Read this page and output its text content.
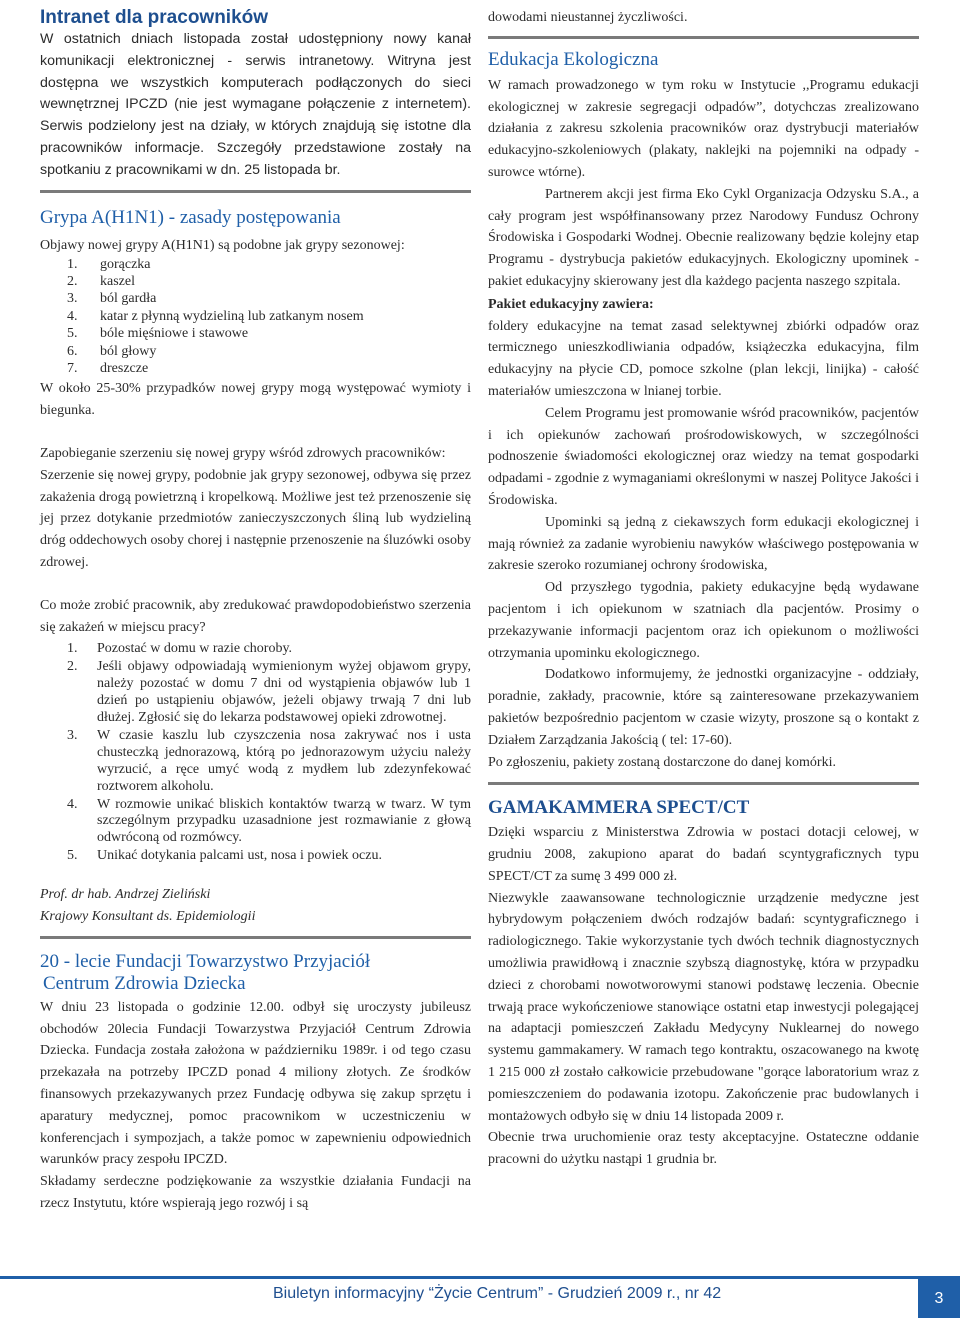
Intranet dla pracowników

W ostatnich dniach listopada został udostępniony nowy kanał komunikacji elektronicznej - serwis intranetowy. Witryna jest dostępna we wszystkich komputerach podłączonych do sieci wewnętrznej IPCZD (nie jest wymagane połączenie z internetem). Serwis podzielony jest na działy, w których znajdują się istotne dla pracowników informacje. Szczegóły przedstawione zostały na spotkaniu z pracownikami w dn. 25 listopada br.

Grypa A(H1N1) - zasady postępowania

Objawy nowej grypy A(H1N1) są podobne jak grypy sezonowej:

1.	gorączka
2.	kaszel
3.	ból gardła
4.	katar z płynną wydzieliną lub zatkanym nosem
5.	bóle mięśniowe i stawowe
6.	ból głowy
7.	dreszcze

W około 25-30% przypadków nowej grypy mogą występować wymioty i biegunka.

Zapobieganie szerzeniu się nowej grypy wśród zdrowych pracowników:

Szerzenie się nowej grypy, podobnie jak grypy sezonowej, odbywa się przez zakażenia drogą powietrzną i kropelkową. Możliwe jest też przenoszenie się jej przez dotykanie przedmiotów zanieczyszczonych śliną lub wydzieliną dróg oddechowych osoby chorej i następnie przenoszenie na śluzówki osoby zdrowej.

Co może zrobić pracownik, aby zredukować prawdopodobieństwo szerzenia się zakażeń w miejscu pracy?

1.	Pozostać w domu w razie choroby.
2.	Jeśli objawy odpowiadają wymienionym wyżej objawom grypy, należy pozostać w domu 7 dni od wystąpienia objawów lub 1 dzień po ustąpieniu objawów, jeżeli objawy trwają 7 dni lub dłużej. Zgłosić się do lekarza podstawowej opieki zdrowotnej.
3.	W czasie kaszlu lub czyszczenia nosa zakrywać nos i usta chusteczką jednorazową, którą po jednorazowym użyciu należy wyrzucić, a ręce umyć wodą z mydłem lub zdezynfekować roztworem alkoholu.
4.	W rozmowie unikać bliskich kontaktów twarzą w twarz. W tym szczególnym przypadku uzasadnione jest rozmawianie z głową odwróconą od rozmówcy.
5.	Unikać dotykania palcami ust, nosa i powiek oczu.

Prof. dr hab. Andrzej Zieliński

Krajowy Konsultant ds. Epidemiologii

20 - lecie Fundacji Towarzystwo Przyjaciół
Centrum Zdrowia Dziecka

W dniu 23 listopada o godzinie 12.00. odbył się uroczysty jubileusz obchodów 20lecia Fundacji Towarzystwa Przyjaciół Centrum Zdrowia Dziecka. Fundacja została założona w październiku 1989r. i od tego czasu przekazała na potrzeby IPCZD ponad 4 miliony złotych. Ze środków finansowych przekazywanych przez Fundację odbywa się zakup sprzętu i aparatury medycznej, pomoc pracownikom w uczestniczeniu w konferencjach i sympozjach, a także pomoc w zapewnieniu odpowiednich warunków pracy zespołu IPCZD.

Składamy serdeczne podziękowanie za wszystkie działania Fundacji na rzecz Instytutu, które wspierają jego rozwój i są

dowodami nieustannej życzliwości.

Edukacja Ekologiczna

W ramach prowadzonego w tym roku w Instytucie ,,Programu edukacji ekologicznej w zakresie segregacji odpadów”, dotychczas zrealizowano działania z zakresu szkolenia pracowników oraz dystrybucji materiałów edukacyjno-szkoleniowych (plakaty, naklejki na pojemniki na odpady - surowce wtórne).

Partnerem akcji jest firma Eko Cykl Organizacja Odzysku S.A., a cały program jest współfinansowany przez Narodowy Fundusz Ochrony Środowiska i Gospodarki Wodnej. Obecnie realizowany będzie kolejny etap Programu - dystrybucja pakietów edukacyjnych. Ekologiczny upominek - pakiet edukacyjny skierowany jest dla każdego pacjenta naszego szpitala.

Pakiet edukacyjny zawiera:

foldery edukacyjne na temat zasad selektywnej zbiórki odpadów oraz termicznego unieszkodliwiania odpadów, książeczka edukacyjna, film edukacyjny na płycie CD, pomoce szkolne (plan lekcji, linijka) - całość materiałów umieszczona w lnianej torbie.

Celem Programu jest promowanie wśród pracowników, pacjentów i ich opiekunów zachowań prośrodowiskowych, w szczególności podnoszenie świadomości ekologicznej oraz wiedzy na temat gospodarki odpadami - zgodnie z wymaganiami określonymi w naszej Polityce Jakości i Środowiska.

Upominki są jedną z ciekawszych form edukacji ekologicznej i mają również za zadanie wyrobieniu nawyków właściwego postępowania w zakresie szeroko rozumianej ochrony środowiska,

Od przyszłego tygodnia, pakiety edukacyjne będą wydawane pacjentom i ich opiekunom w szatniach dla pacjentów. Prosimy o przekazywanie informacji pacjentom oraz ich opiekunom o możliwości otrzymania upominku ekologicznego.

Dodatkowo informujemy, że jednostki organizacyjne - oddziały, poradnie, zakłady, pracownie, które są zainteresowane przekazywaniem pakietów bezpośrednio pacjentom w czasie wizyty, proszone są o kontakt z Działem Zarządzania Jakością ( tel: 17-60).

Po zgłoszeniu, pakiety zostaną dostarczone do danej komórki.

GAMAKAMMERA SPECT/CT

Dzięki wsparciu z Ministerstwa Zdrowia w postaci dotacji celowej, w grudniu 2008, zakupiono aparat do badań scyntygraficznych typu SPECT/CT za sumę 3 499 000 zł.

Niezwykle zaawansowane technologicznie urządzenie medyczne jest hybrydowym połączeniem dwóch rodzajów badań: scyntygraficznego i radiologicznego. Takie wykorzystanie tych dwóch technik diagnostycznych umożliwia prawidłową i znacznie szybszą diagnostykę, która w przypadku dzieci z chorobami nowotworowymi stanowi podstawę leczenia. Obecnie trwają prace wykończeniowe stanowiące ostatni etap inwestycji polegającej na adaptacji pomieszczeń Zakładu Medycyny Nuklearnej do nowego systemu gammakamery. W ramach tego kontraktu, oszacowanego na kwotę 1 215 000 zł zostało całkowicie przebudowane "gorące laboratorium wraz z pomieszczeniem do podawania izotopu. Zakończenie prac budowlanych i montażowych odbyło się w dniu 14 listopada 2009 r.

Obecnie trwa uruchomienie oraz testy akceptacyjne. Ostateczne oddanie pracowni do użytku nastąpi 1 grudnia br.

Biuletyn informacyjny “Życie Centrum” - Grudzień 2009 r., nr 42	3
